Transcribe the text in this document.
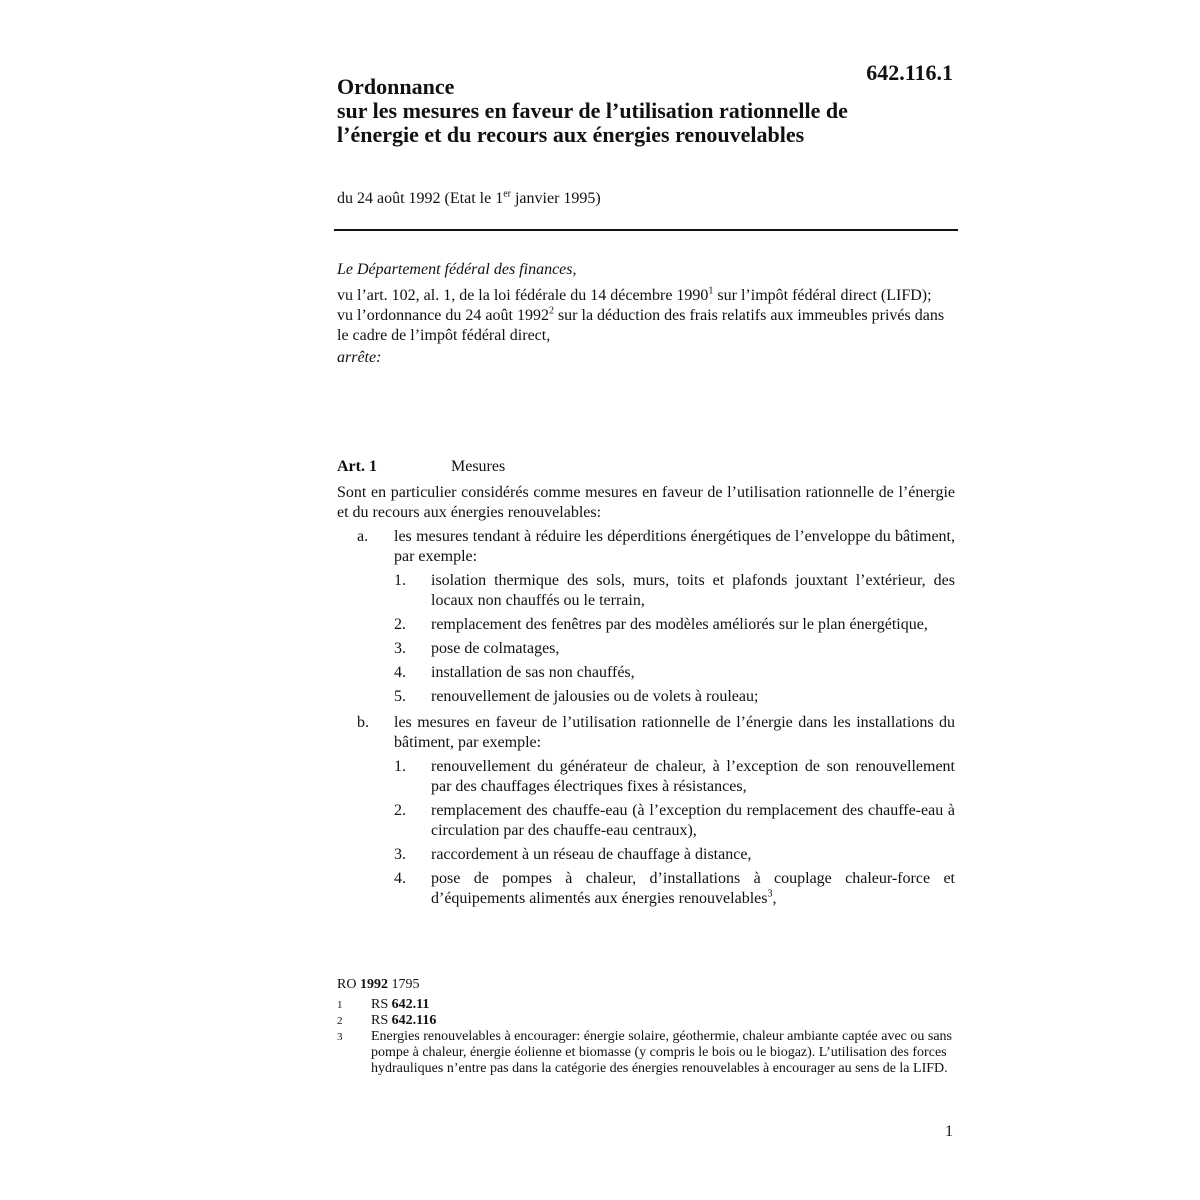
642.116.1
Ordonnance
sur les mesures en faveur de l’utilisation rationnelle de
l’énergie et du recours aux énergies renouvelables
du 24 août 1992 (Etat le 1er janvier 1995)

Le Département fédéral des finances,

vu l’art. 102, al. 1, de la loi fédérale du 14 décembre 1990$^1$ sur l’impôt fédéral direct (LIFD);

vu l’ordonnance du 24 août 1992$^2$ sur la déduction des frais relatifs aux immeubles privés dans le cadre de l’impôt fédéral direct,

arrête:

Art. 1	Mesures

Sont en particulier considérés comme mesures en faveur de l’utilisation rationnelle de l’énergie et du recours aux énergies renouvelables:

a. les mesures tendant à réduire les déperditions énergétiques de l’enveloppe du bâtiment, par exemple:
1. isolation thermique des sols, murs, toits et plafonds jouxtant l’extérieur, des locaux non chauffés ou le terrain,
2. remplacement des fenêtres par des modèles améliorés sur le plan énergétique,
3. pose de colmatages,
4. installation de sas non chauffés,
5. renouvellement de jalousies ou de volets à rouleau;
b. les mesures en faveur de l’utilisation rationnelle de l’énergie dans les installations du bâtiment, par exemple:
1. renouvellement du générateur de chaleur, à l’exception de son renouvellement par des chauffages électriques fixes à résistances,
2. remplacement des chauffe-eau (à l’exception du remplacement des chauffe-eau à circulation par des chauffe-eau centraux),
3. raccordement à un réseau de chauffage à distance,
4. pose de pompes à chaleur, d’installations à couplage chaleur-force et d’équipements alimentés aux énergies renouvelables$^3$,
RO 1992 1795
1 RS 642.11
2 RS 642.116
3 Energies renouvelables à encourager: énergie solaire, géothermie, chaleur ambiante captée avec ou sans pompe à chaleur, énergie éolienne et biomasse (y compris le bois ou le biogaz). L’utilisation des forces hydrauliques n’entre pas dans la catégorie des énergies renouvelables à encourager au sens de la LIFD.
1
